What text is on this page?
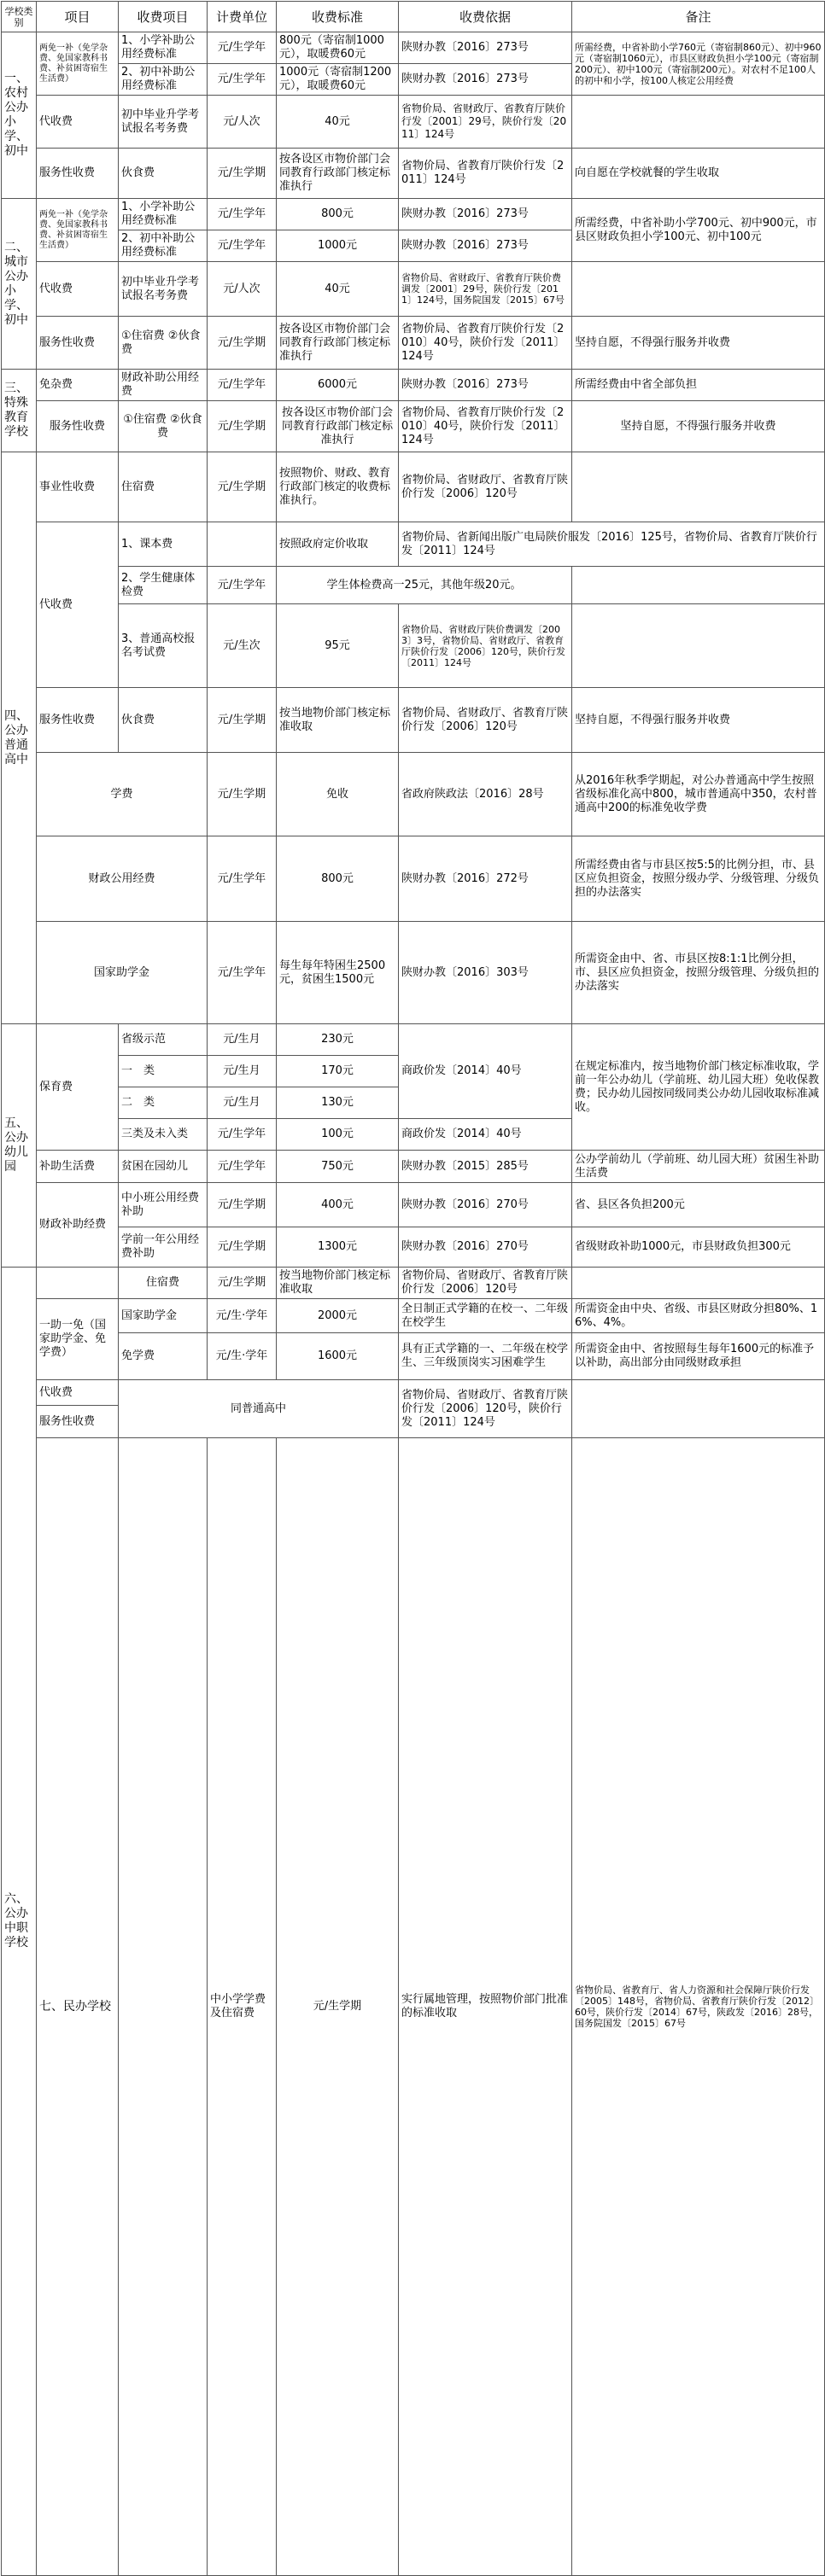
学校类别	项目	收费项目	计费单位	收费标准	收费依据	备注	
一、农村公办小学、初中	两免一补（免学杂费、免国家教科书费、补贫困寄宿生生活费）	1、小学补助公用经费标准	元/生学年	800元（寄宿制1000元），取暖费60元	陕财办教〔2016〕273号	所需经费，中省补助小学760元（寄宿制860元）、初中960元（寄宿制1060元），市县区财政负担小学100元（寄宿制200元）、初中100元（寄宿制200元）。对农村不足100人的初中和小学，按100人核定公用经费	
		2、初中补助公用经费标准	元/生学年	1000元（寄宿制1200元），取暖费60元	陕财办教〔2016〕273号		
	代收费	初中毕业升学考试报名考务费	元/人次	40元	省物价局、省财政厅、省教育厅陕价行发〔2001〕29号，陕价行发〔2011〕124号		
	服务性收费	伙食费	元/生学期	按各设区市物价部门会同教育行政部门核定标准执行	省物价局、省教育厅陕价行发〔2011〕124号	向自愿在学校就餐的学生收取	
二、城市公办小学、初中	两免一补（免学杂费、免国家教科书费、补贫困寄宿生生活费）	1、小学补助公用经费标准	元/生学年	800元	陕财办教〔2016〕273号	所需经费，中省补助小学700元、初中900元，市县区财政负担小学100元、初中100元	
		2、初中补助公用经费标准	元/生学年	1000元	陕财办教〔2016〕273号		
	代收费	初中毕业升学考试报名考务费	元/人次	40元	省物价局、省财政厅、省教育厅陕价费调发〔2001〕29号，陕价行发〔2011〕124号，国务院国发〔2015〕67号		
	服务性收费	①住宿费 ②伙食费	元/生学期	按各设区市物价部门会同教育行政部门核定标准执行	省物价局、省教育厅陕价行发〔2010〕40号，陕价行发〔2011〕124号	坚持自愿，不得强行服务并收费	
三、特殊教育学校	免杂费	财政补助公用经费	元/生学年	6000元	陕财办教〔2016〕273号	所需经费由中省全部负担	
	服务性收费	①住宿费 ②伙食费	元/生学期	按各设区市物价部门会同教育行政部门核定标准执行	省物价局、省教育厅陕价行发〔2010〕40号，陕价行发〔2011〕124号	坚持自愿，不得强行服务并收费	
四、公办普通高中	事业性收费	住宿费	元/生学期	按照物价、财政、教育行政部门核定的收费标准执行。	省物价局、省财政厅、省教育厅陕价行发〔2006〕120号		
	代收费	1、课本费		按照政府定价收取	省物价局、省新闻出版广电局陕价服发〔2016〕125号，省物价局、省教育厅陕价行发〔2011〕124号		
		2、学生健康体检费	元/生学年	学生体检费高一25元，其他年级20元。			
		3、普通高校报名考试费	元/生次	95元	省物价局、省财政厅陕价费调发〔2003〕3号，省物价局、省财政厅、省教育厅陕价行发〔2006〕120号，陕价行发〔2011〕124号		
	服务性收费	伙食费	元/生学期	按当地物价部门核定标准收取	省物价局、省财政厅、省教育厅陕价行发〔2006〕120号	坚持自愿，不得强行服务并收费	
	学费		元/生学期	免收	省政府陕政法〔2016〕28号	从2016年秋季学期起，对公办普通高中学生按照省级标准化高中800，城市普通高中350，农村普通高中200的标准免收学费	
	财政公用经费		元/生学年	800元	陕财办教〔2016〕272号	所需经费由省与市县区按5:5的比例分担，市、县区应负担资金，按照分级办学、分级管理、分级负担的办法落实	
	国家助学金		元/生学年	每生每年特困生2500元，贫困生1500元	陕财办教〔2016〕303号	所需资金由中、省、市县区按8:1:1比例分担，市、县区应负担资金，按照分级管理、分级负担的办法落实	
五、公办幼儿园	保育费	省级示范	元/生月	230元	商政价发〔2014〕40号	在规定标准内，按当地物价部门核定标准收取，学前一年公办幼儿（学前班、幼儿园大班）免收保教费；民办幼儿园按同级同类公办幼儿园收取标准减收。	
		一　类	元/生月	170元			
		二　类	元/生月	130元			
		三类及未入类	元/生学年	100元	商政价发〔2014〕40号		
	补助生活费	贫困在园幼儿	元/生学年	750元	陕财办教〔2015〕285号	公办学前幼儿（学前班、幼儿园大班）贫困生补助生活费	
	财政补助经费	中小班公用经费补助	元/生学期	400元	陕财办教〔2016〕270号	省、县区各负担200元	
		学前一年公用经费补助	元/生学期	1300元	陕财办教〔2016〕270号	省级财政补助1000元，市县财政负担300元	
六、公办中职学校		住宿费	元/生学期	按当地物价部门核定标准收取	省物价局、省财政厅、省教育厅陕价行发〔2006〕120号		
	一助一免（国家助学金、免学费）	国家助学金	元/生·学年	2000元	全日制正式学籍的在校一、二年级在校学生	所需资金由中央、省级、市县区财政分担80%、16%、4%。	
		免学费	元/生·学年	1600元	具有正式学籍的一、二年级在校学生、三年级顶岗实习困难学生	所需资金由中、省按照每生每年1600元的标准予以补助，高出部分由同级财政承担	
	代收费	同普通高中			省物价局、省财政厅、省教育厅陕价行发〔2006〕120号，陕价行发〔2011〕124号		
	服务性收费						
	七、民办学校		中小学学费及住宿费	元/生学期	实行属地管理，按照物价部门批准的标准收取	省物价局、省教育厅、省人力资源和社会保障厅陕价行发〔2005〕148号，省物价局、省教育厅陕价行发〔2012〕60号，陕价行发〔2014〕67号，陕政发〔2016〕28号，国务院国发〔2015〕67号	
